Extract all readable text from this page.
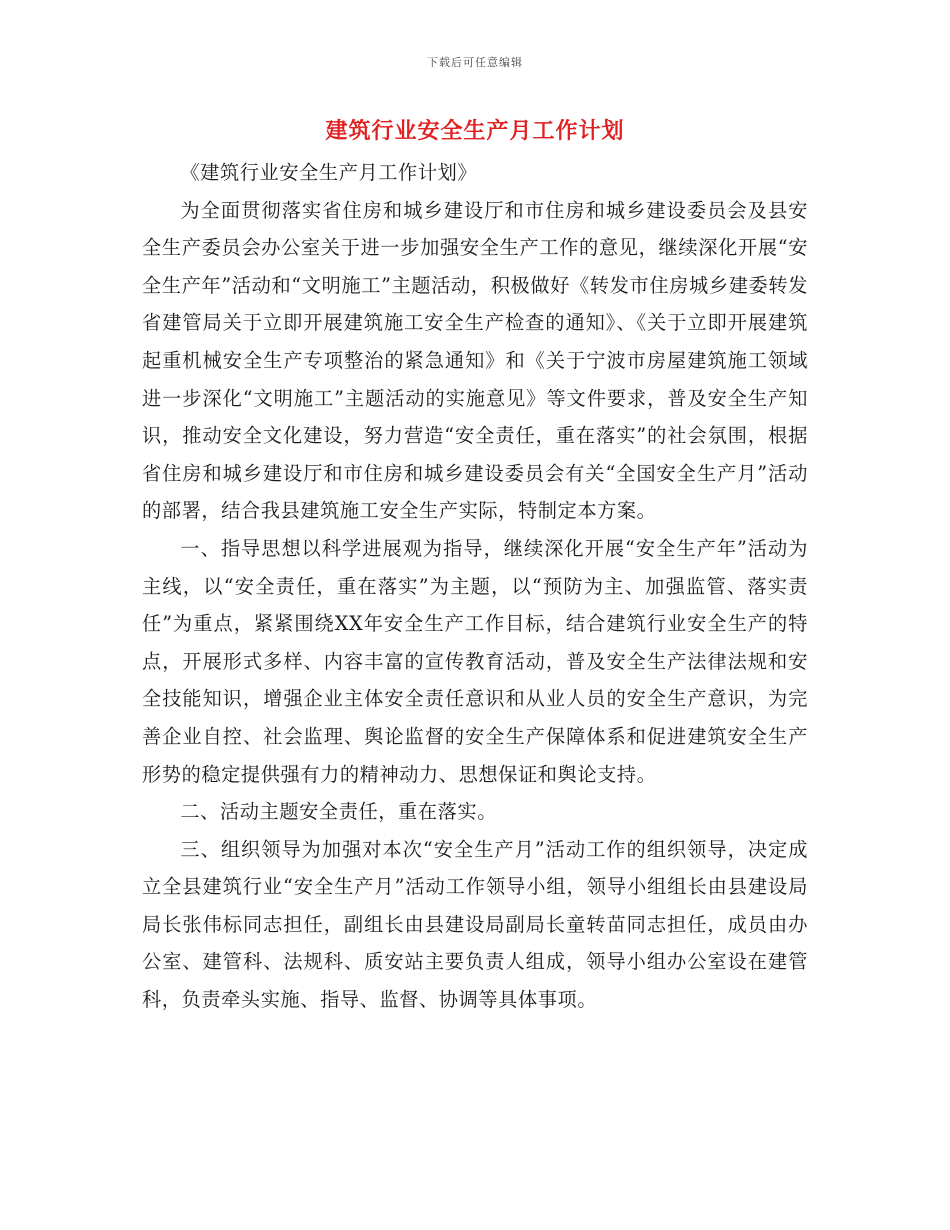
下载后可任意编辑
建筑行业安全生产月工作计划

《建筑行业安全生产月工作计划》

为全面贯彻落实省住房和城乡建设厅和市住房和城乡建设委员会及县安全生产委员会办公室关于进一步加强安全生产工作的意见，继续深化开展“安全生产年”活动和“文明施工”主题活动，积极做好《转发市住房城乡建委转发省建管局关于立即开展建筑施工安全生产检查的通知》、《关于立即开展建筑起重机械安全生产专项整治的紧急通知》和《关于宁波市房屋建筑施工领域进一步深化“文明施工”主题活动的实施意见》等文件要求，普及安全生产知识，推动安全文化建设，努力营造“安全责任，重在落实”的社会氛围，根据省住房和城乡建设厅和市住房和城乡建设委员会有关“全国安全生产月”活动的部署，结合我县建筑施工安全生产实际，特制定本方案。

一、指导思想以科学进展观为指导，继续深化开展“安全生产年”活动为主线，以“安全责任，重在落实”为主题，以“预防为主、加强监管、落实责任”为重点，紧紧围绕XX年安全生产工作目标，结合建筑行业安全生产的特点，开展形式多样、内容丰富的宣传教育活动，普及安全生产法律法规和安全技能知识，增强企业主体安全责任意识和从业人员的安全生产意识，为完善企业自控、社会监理、舆论监督的安全生产保障体系和促进建筑安全生产形势的稳定提供强有力的精神动力、思想保证和舆论支持。

二、活动主题安全责任，重在落实。

三、组织领导为加强对本次“安全生产月”活动工作的组织领导，决定成立全县建筑行业“安全生产月”活动工作领导小组，领导小组组长由县建设局局长张伟标同志担任，副组长由县建设局副局长童转苗同志担任，成员由办公室、建管科、法规科、质安站主要负责人组成，领导小组办公室设在建管科，负责牵头实施、指导、监督、协调等具体事项。
